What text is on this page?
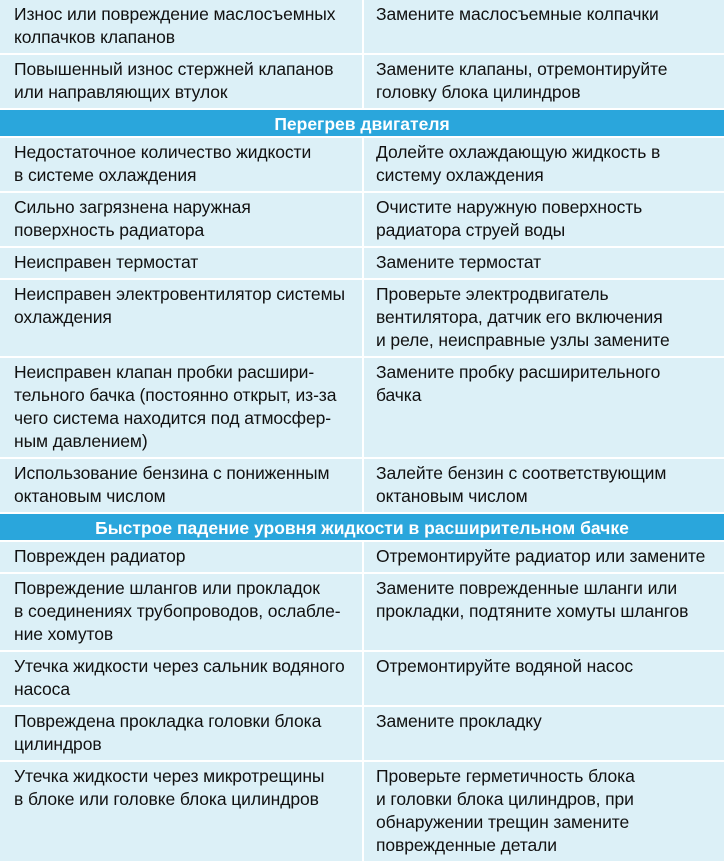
Износ или повреждение маслосъемных
колпачков клапанов
Замените маслосъемные колпачки
Повышенный износ стержней клапанов
или направляющих втулок
Замените клапаны, отремонтируйте
головку блока цилиндров
Перегрев двигателя
Недостаточное количество жидкости
в системе охлаждения
Долейте охлаждающую жидкость в
систему охлаждения
Сильно загрязнена наружная
поверхность радиатора
Очистите наружную поверхность
радиатора струей воды
Неисправен термостат	Замените термостат
Неисправен электровентилятор системы
охлаждения
Проверьте электродвигатель
вентилятора, датчик его включения
и реле, неисправные узлы замените
Неисправен клапан пробки расшири-
тельного бачка (постоянно открыт, из-за
чего система находится под атмосфер-
ным давлением)
Замените пробку расширительного
бачка
Использование бензина с пониженным
октановым числом
Залейте бензин с соответствующим
октановым числом
Быстрое падение уровня жидкости в расширительном бачке
Поврежден радиатор	Отремонтируйте радиатор или замените
Повреждение шлангов или прокладок
в соединениях трубопроводов, ослабле-
ние хомутов
Замените поврежденные шланги или
прокладки, подтяните хомуты шлангов
Утечка жидкости через сальник водяного
насоса
Отремонтируйте водяной насос
Повреждена прокладка головки блока
цилиндров
Замените прокладку
Утечка жидкости через микротрещины
в блоке или головке блока цилиндров
Проверьте герметичность блока
и головки блока цилиндров, при
обнаружении трещин замените
поврежденные детали
